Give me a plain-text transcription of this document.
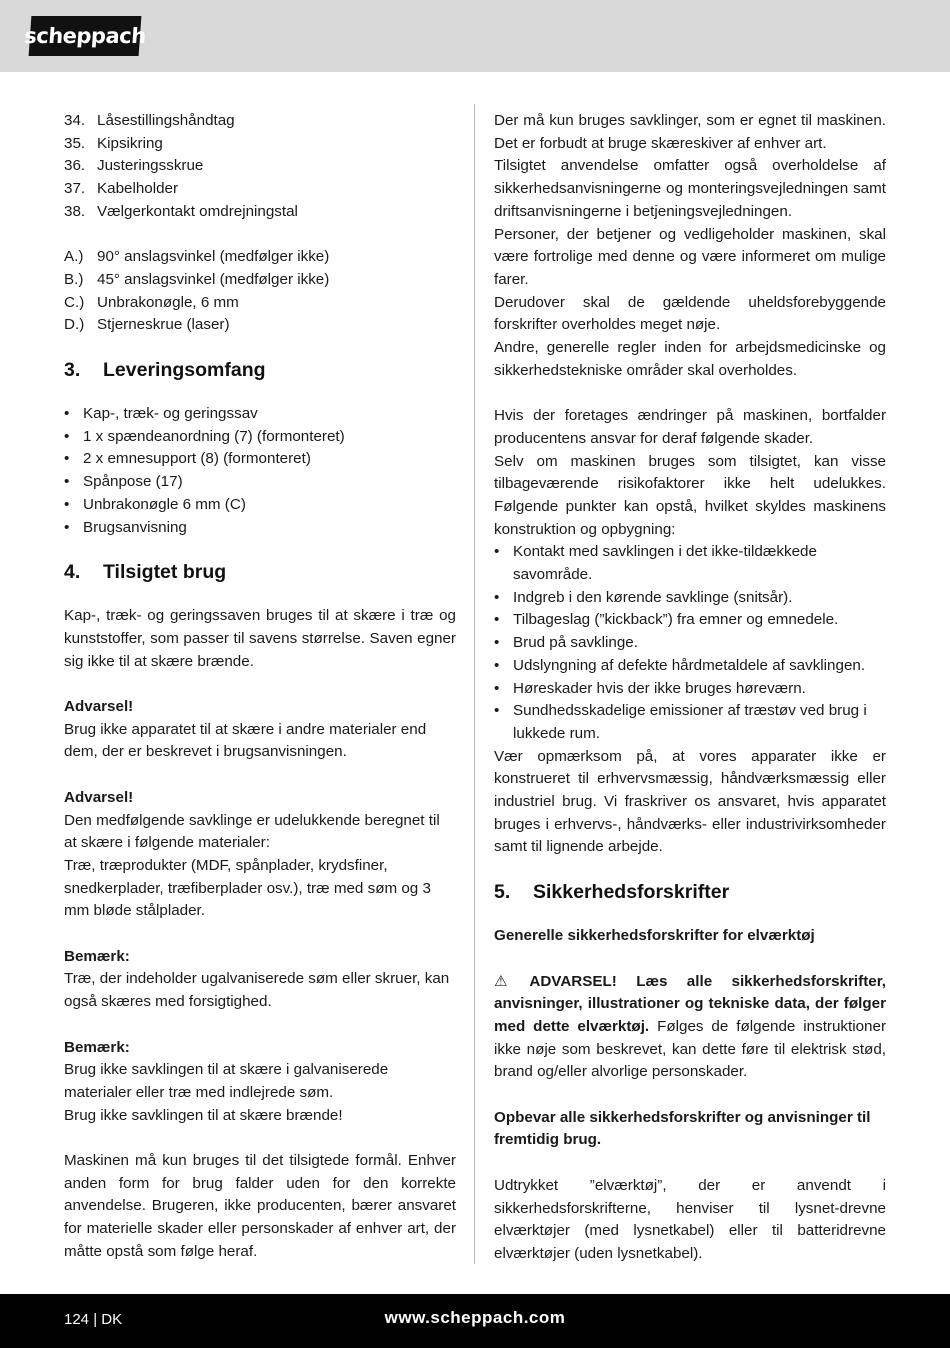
scheppach
34. Låsestillingshåndtag
35. Kipsikring
36. Justeringsskrue
37. Kabelholder
38. Vælgerkontakt omdrejningstal
A.) 90° anslagsvinkel (medfølger ikke)
B.) 45° anslagsvinkel (medfølger ikke)
C.) Unbrakonøgle, 6 mm
D.) Stjerneskrue (laser)
3.	Leveringsomfang
• Kap-, træk- og geringssav
• 1 x spændeanordning (7) (formonteret)
• 2 x emnesupport (8) (formonteret)
• Spånpose (17)
• Unbrakonøgle 6 mm (C)
• Brugsanvisning
4.	Tilsigtet brug

Kap-, træk- og geringssaven bruges til at skære i træ og kunststoffer, som passer til savens størrelse. Saven egner sig ikke til at skære brænde.

Advarsel!

Brug ikke apparatet til at skære i andre materialer end dem, der er beskrevet i brugsanvisningen.

Advarsel!

Den medfølgende savklinge er udelukkende beregnet til at skære i følgende materialer:

Træ, træprodukter (MDF, spånplader, krydsfiner, snedkerplader, træfiberplader osv.), træ med søm og 3 mm bløde stålplader.

Bemærk:

Træ, der indeholder ugalvaniserede søm eller skruer, kan også skæres med forsigtighed.

Bemærk:

Brug ikke savklingen til at skære i galvaniserede materialer eller træ med indlejrede søm.

Brug ikke savklingen til at skære brænde!

Maskinen må kun bruges til det tilsigtede formål. Enhver anden form for brug falder uden for den korrekte anvendelse. Brugeren, ikke producenten, bærer ansvaret for materielle skader eller personskader af enhver art, der måtte opstå som følge heraf.

Der må kun bruges savklinger, som er egnet til maskinen. Det er forbudt at bruge skæreskiver af enhver art.

Tilsigtet anvendelse omfatter også overholdelse af sikkerhedsanvisningerne og monteringsvejledningen samt driftsanvisningerne i betjeningsvejledningen.

Personer, der betjener og vedligeholder maskinen, skal være fortrolige med denne og være informeret om mulige farer.

Derudover skal de gældende uheldsforebyggende forskrifter overholdes meget nøje.

Andre, generelle regler inden for arbejdsmedicinske og sikkerhedstekniske områder skal overholdes.

Hvis der foretages ændringer på maskinen, bortfalder producentens ansvar for deraf følgende skader.

Selv om maskinen bruges som tilsigtet, kan visse tilbageværende risikofaktorer ikke helt udelukkes. Følgende punkter kan opstå, hvilket skyldes maskinens konstruktion og opbygning:

• Kontakt med savklingen i det ikke-tildækkede savområde.
• Indgreb i den kørende savklinge (snitsår).
• Tilbageslag (”kickback”) fra emner og emnedele.
• Brud på savklinge.
• Udslyngning af defekte hårdmetaldele af savklingen.
• Høreskader hvis der ikke bruges høreværn.
• Sundhedsskadelige emissioner af træstøv ved brug i lukkede rum.

Vær opmærksom på, at vores apparater ikke er konstrueret til erhvervsmæssig, håndværksmæssig eller industriel brug. Vi fraskriver os ansvaret, hvis apparatet bruges i erhvervs-, håndværks- eller industrivirksomheder samt til lignende arbejde.

5.	Sikkerhedsforskrifter

Generelle sikkerhedsforskrifter for elværktøj

⚠ ADVARSEL! Læs alle sikkerhedsforskrifter, anvisninger, illustrationer og tekniske data, der følger med dette elværktøj. Følges de følgende instruktioner ikke nøje som beskrevet, kan dette føre til elektrisk stød, brand og/eller alvorlige personskader.

Opbevar alle sikkerhedsforskrifter og anvisninger til fremtidig brug.

Udtrykket ”elværktøj”, der er anvendt i sikkerhedsforskrifterne, henviser til lysnet-drevne elværktøjer (med lysnetkabel) eller til batteridrevne elværktøjer (uden lysnetkabel).

124 | DK	www.scheppach.com
